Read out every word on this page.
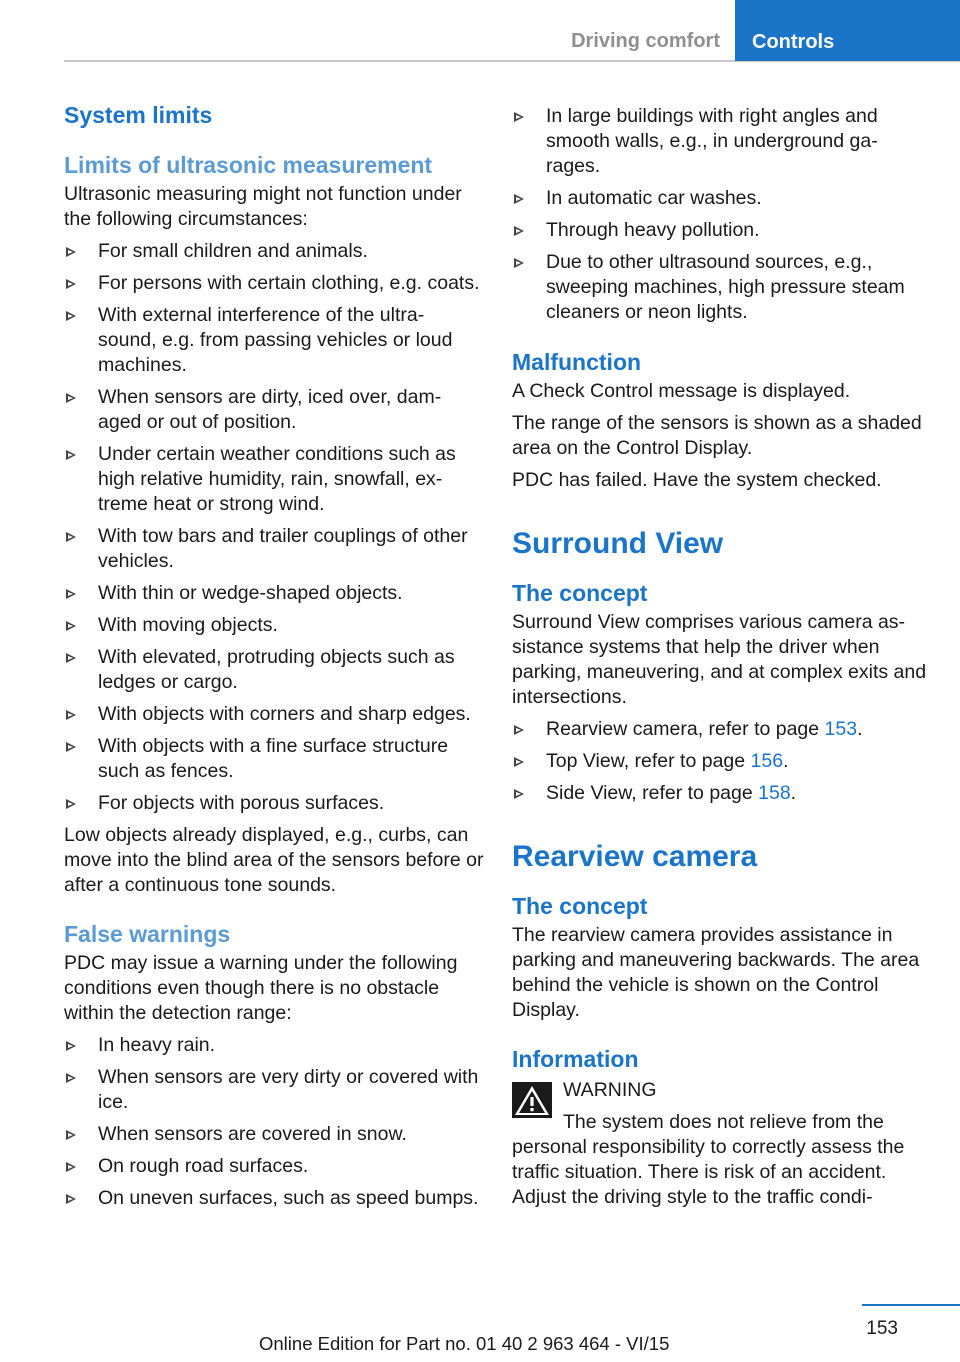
Driving comfort	Controls
System limits
Limits of ultrasonic measurement

Ultrasonic measuring might not function under the following circumstances:

For small children and animals.
For persons with certain clothing, e.g. coats.
With external interference of the ultra‐ sound, e.g. from passing vehicles or loud machines.
When sensors are dirty, iced over, dam‐ aged or out of position.
Under certain weather conditions such as high relative humidity, rain, snowfall, ex‐ treme heat or strong wind.
With tow bars and trailer couplings of other vehicles.
With thin or wedge-shaped objects.
With moving objects.
With elevated, protruding objects such as ledges or cargo.
With objects with corners and sharp edges.
With objects with a fine surface structure such as fences.
For objects with porous surfaces.

Low objects already displayed, e.g., curbs, can move into the blind area of the sensors before or after a continuous tone sounds.

False warnings

PDC may issue a warning under the following conditions even though there is no obstacle within the detection range:

In heavy rain.
When sensors are very dirty or covered with ice.
When sensors are covered in snow.
On rough road surfaces.
On uneven surfaces, such as speed bumps.
In large buildings with right angles and smooth walls, e.g., in underground ga‐ rages.
In automatic car washes.
Through heavy pollution.
Due to other ultrasound sources, e.g., sweeping machines, high pressure steam cleaners or neon lights.
Malfunction

A Check Control message is displayed.

The range of the sensors is shown as a shaded area on the Control Display.

PDC has failed. Have the system checked.

Surround View
The concept

Surround View comprises various camera as‐ sistance systems that help the driver when parking, maneuvering, and at complex exits and intersections.

Rearview camera, refer to page 153.
Top View, refer to page 156.
Side View, refer to page 158.
Rearview camera
The concept

The rearview camera provides assistance in parking and maneuvering backwards. The area behind the vehicle is shown on the Control Display.

Information

WARNING

The system does not relieve from the

personal responsibility to correctly assess the traffic situation. There is risk of an accident. Adjust the driving style to the traffic condi‐

153
Online Edition for Part no. 01 40 2 963 464 - VI/15
